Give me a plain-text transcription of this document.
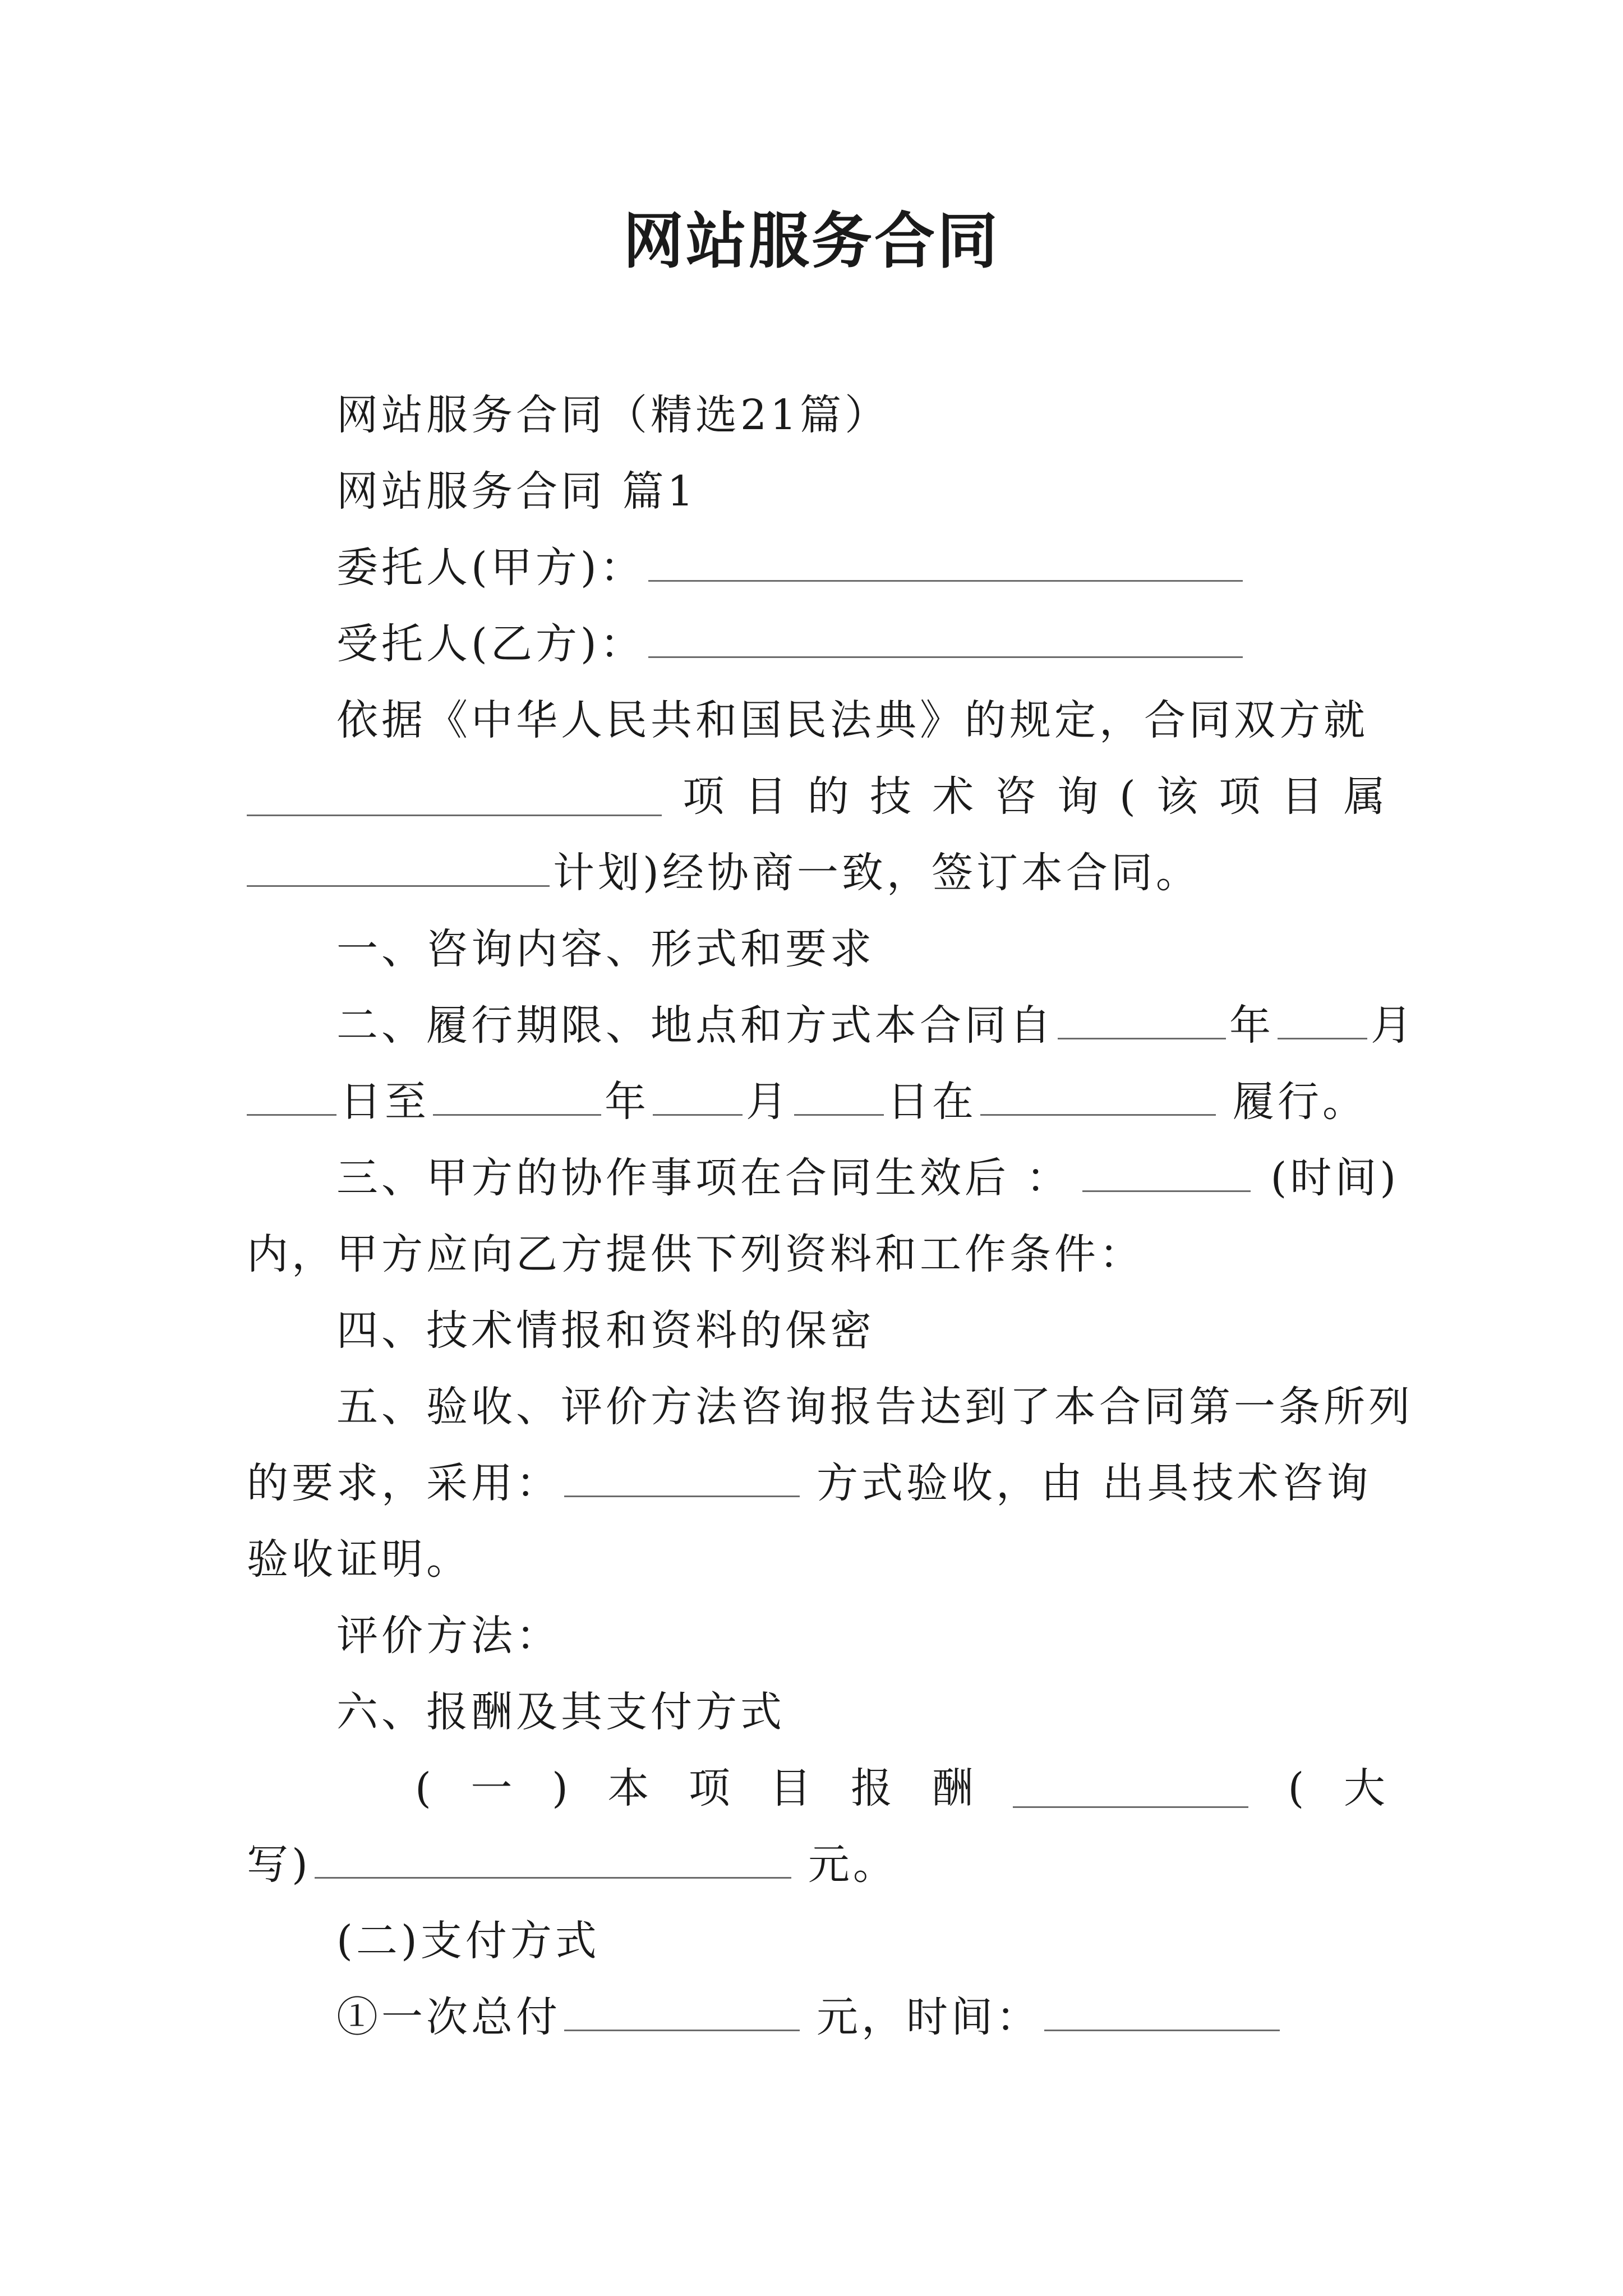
网站服务合同
网站服务合同（精选21篇）
网站服务合同 篇1
委托人(甲方)：
受托人(乙方)：
依据《中华人民共和国民法典》的规定，合同双方就
项 目 的 技 术 咨 询 ( 该 项 目 属
计划)经协商一致，签订本合同。
一、咨询内容、形式和要求
二、履行期限、地点和方式本合同自	年 月
日至	年 月 日在	履行。
三、甲方的协作事项在合同生效后 ：	(时间)
内，甲方应向乙方提供下列资料和工作条件：
四、技术情报和资料的保密
五、验收、评价方法咨询报告达到了本合同第一条所列
的要求，采用：	方式验收，由 出具技术咨询
验收证明。
评价方法：
六、报酬及其支付方式
( 一 ) 本 项 目 报 酬	( 大
写)	元。
(二)支付方式
①一次总付	元，时间：
